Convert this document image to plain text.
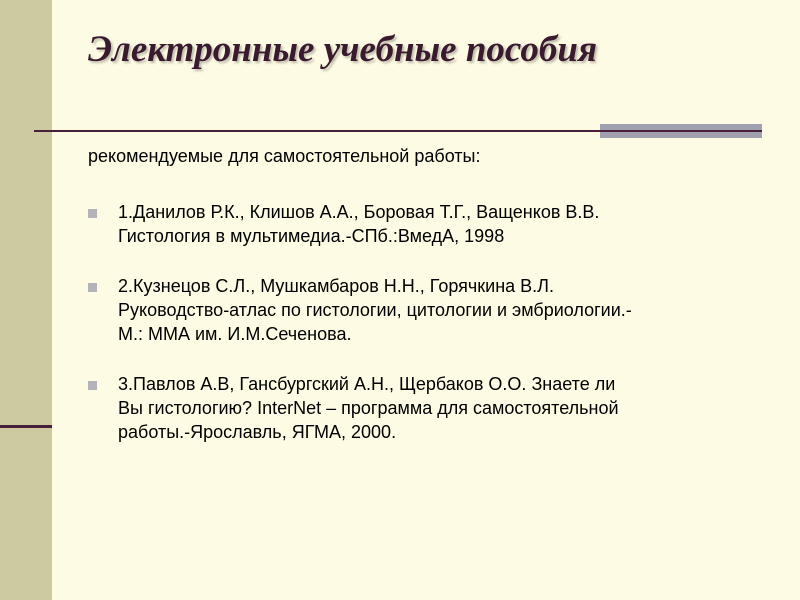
Электронные учебные пособия
рекомендуемые для самостоятельной работы:
1.Данилов Р.К., Клишов А.А., Боровая Т.Г., Ващенков В.В.
Гистология в мультимедиа.-СПб.:ВмедА, 1998
2.Кузнецов С.Л., Мушкамбаров Н.Н., Горячкина В.Л.
Руководство-атлас по гистологии, цитологии и эмбриологии.-
М.: ММА им. И.М.Сеченова.
3.Павлов А.В, Гансбургский А.Н., Щербаков О.О. Знаете ли
Вы гистологию? InterNet – программа для самостоятельной
работы.-Ярославль, ЯГМА, 2000.
